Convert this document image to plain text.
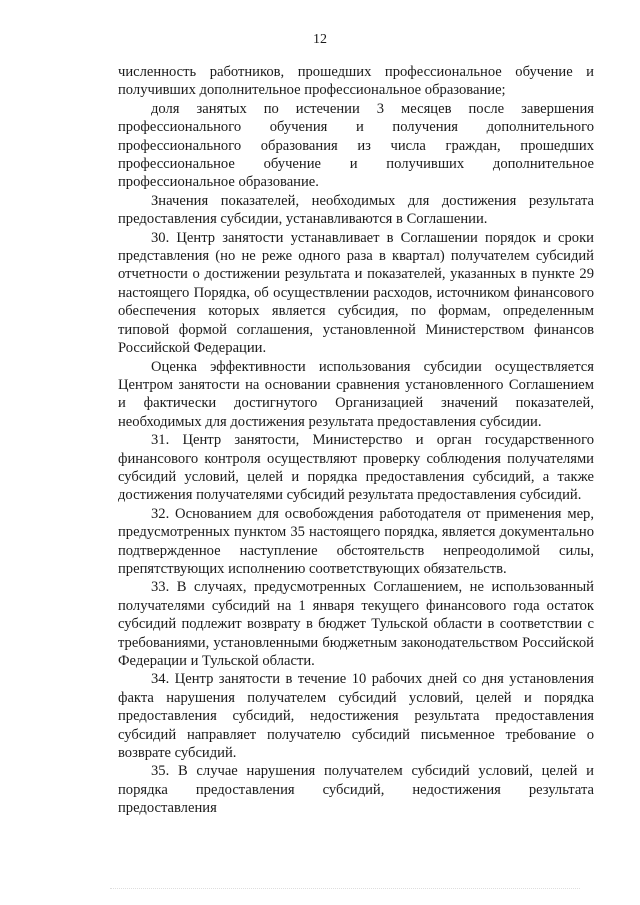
12

численность работников, прошедших профессиональное обучение и получивших дополнительное профессиональное образование;

доля занятых по истечении 3 месяцев после завершения профессионального обучения и получения дополнительного профессионального образования из числа граждан, прошедших профессиональное обучение и получивших дополнительное профессиональное образование.

Значения показателей, необходимых для достижения результата предоставления субсидии, устанавливаются в Соглашении.

30. Центр занятости устанавливает в Соглашении порядок и сроки представления (но не реже одного раза в квартал) получателем субсидий отчетности о достижении результата и показателей, указанных в пункте 29 настоящего Порядка, об осуществлении расходов, источником финансового обеспечения которых является субсидия, по формам, определенным типовой формой соглашения, установленной Министерством финансов Российской Федерации.

Оценка эффективности использования субсидии осуществляется Центром занятости на основании сравнения установленного Соглашением и фактически достигнутого Организацией значений показателей, необходимых для достижения результата предоставления субсидии.

31. Центр занятости, Министерство и орган государственного финансового контроля осуществляют проверку соблюдения получателями субсидий условий, целей и порядка предоставления субсидий, а также достижения получателями субсидий результата предоставления субсидий.

32. Основанием для освобождения работодателя от применения мер, предусмотренных пунктом 35 настоящего порядка, является документально подтвержденное наступление обстоятельств непреодолимой силы, препятствующих исполнению соответствующих обязательств.

33. В случаях, предусмотренных Соглашением, не использованный получателями субсидий на 1 января текущего финансового года остаток субсидий подлежит возврату в бюджет Тульской области в соответствии с требованиями, установленными бюджетным законодательством Российской Федерации и Тульской области.

34. Центр занятости в течение 10 рабочих дней со дня установления факта нарушения получателем субсидий условий, целей и порядка предоставления субсидий, недостижения результата предоставления субсидий направляет получателю субсидий письменное требование о возврате субсидий.

35. В случае нарушения получателем субсидий условий, целей и порядка предоставления субсидий, недостижения результата предоставления
